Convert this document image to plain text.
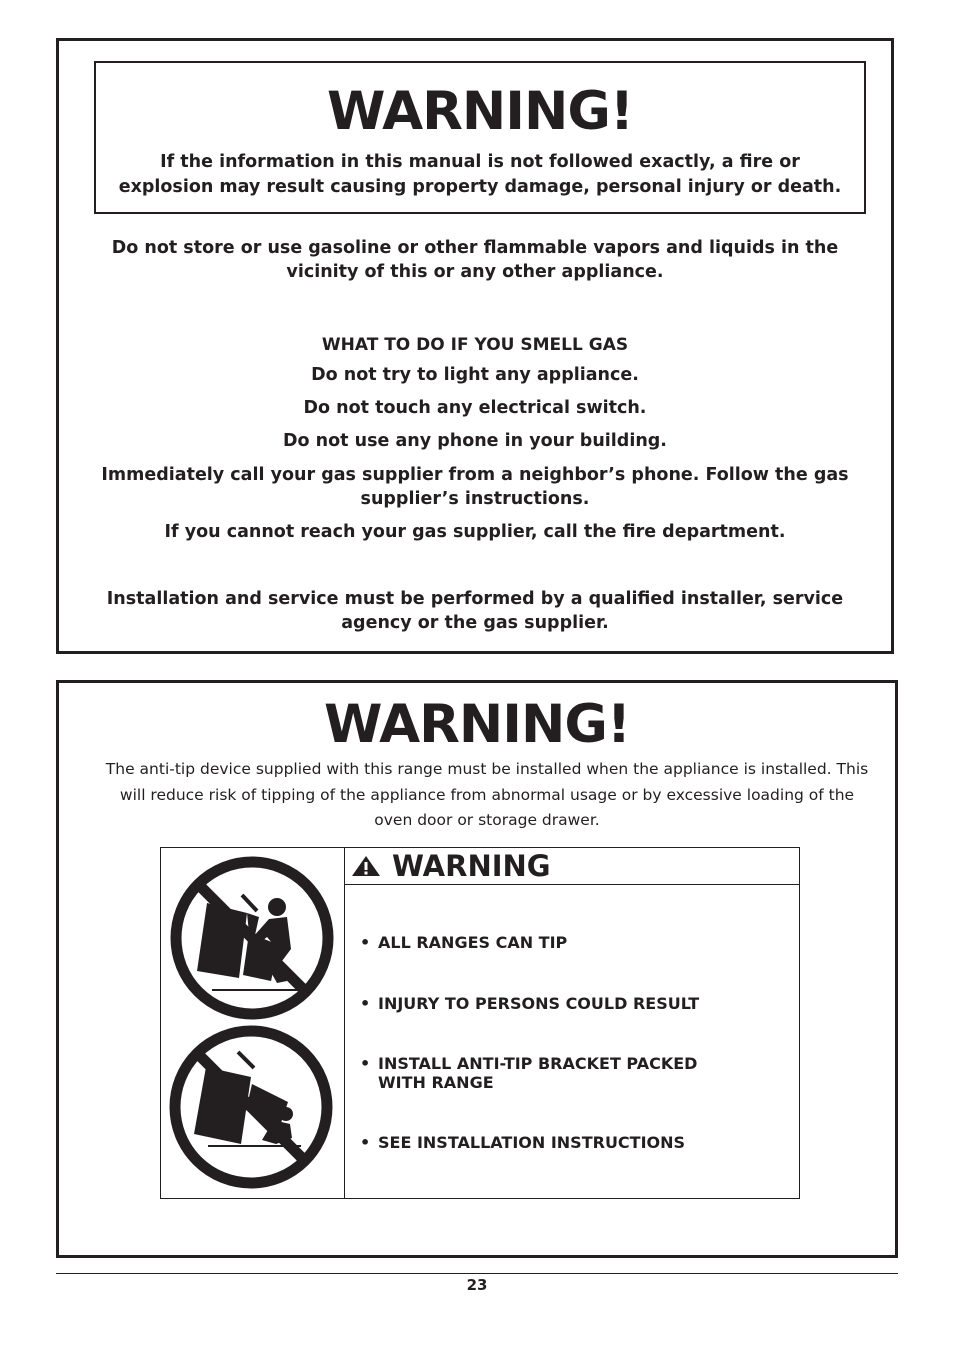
WARNING!
If the information in this manual is not followed exactly, a fire or
explosion may result causing property damage, personal injury or death.
Do not store or use gasoline or other flammable vapors and liquids in the
vicinity of this or any other appliance.
WHAT TO DO IF YOU SMELL GAS
Do not try to light any appliance.
Do not touch any electrical switch.
Do not use any phone in your building.
Immediately call your gas supplier from a neighbor’s phone. Follow the gas
supplier’s instructions.
If you cannot reach your gas supplier, call the fire department.
Installation and service must be performed by a qualified installer, service
agency or the gas supplier.
WARNING!
The anti-tip device supplied with this range must be installed when the appliance is installed. This
will reduce risk of tipping of the appliance from abnormal usage or by excessive loading of the
oven door or storage drawer.
WARNING
• ALL RANGES CAN TIP
• INJURY TO PERSONS COULD RESULT
• INSTALL ANTI-TIP BRACKET PACKED WITH RANGE
• SEE INSTALLATION INSTRUCTIONS
23
